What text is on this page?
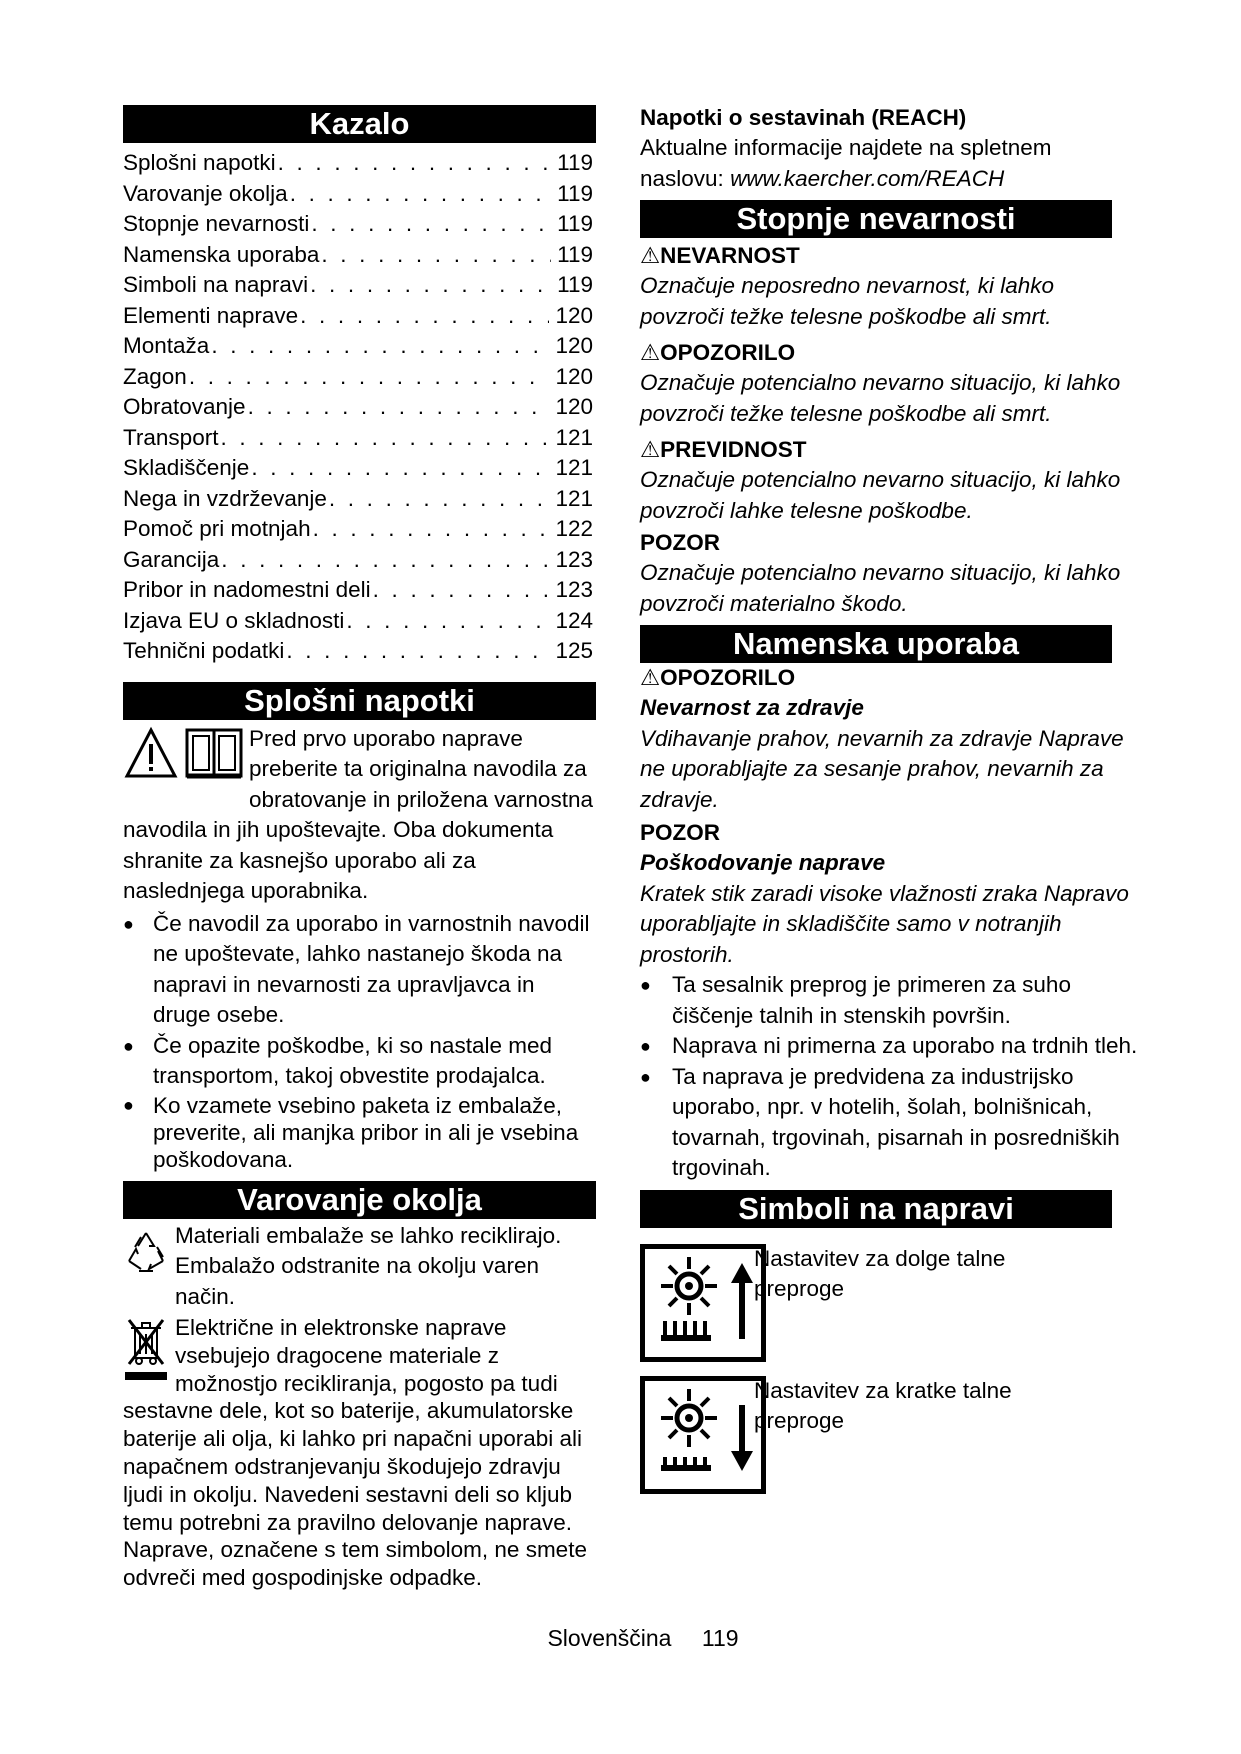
Kazalo
Splošni napotki . . .	119
Varovanje okolja . . .	119
Stopnje nevarnosti . . .	119
Namenska uporaba . . .	119
Simboli na napravi . . .	119
Elementi naprave . . .	120
Montaža . . .	120
Zagon . . .	120
Obratovanje . . .	120
Transport . . .	121
Skladiščenje . . .	121
Nega in vzdrževanje . . .	121
Pomoč pri motnjah . . .	122
Garancija . . .	123
Pribor in nadomestni deli . . .	123
Izjava EU o skladnosti . . .	124
Tehnični podatki . . .	125
Splošni napotki
Pred prvo uporabo naprave preberite ta originalna navodila za obratovanje in priložena varnostna navodila in jih upoštevajte. Oba dokumenta shranite za kasnejšo uporabo ali za naslednjega uporabnika.
● Če navodil za uporabo in varnostnih navodil ne upoštevate, lahko nastanejo škoda na napravi in nevarnosti za upravljavca in druge osebe.
● Če opazite poškodbe, ki so nastale med transportom, takoj obvestite prodajalca.
● Ko vzamete vsebino paketa iz embalaže, preverite, ali manjka pribor in ali je vsebina poškodovana.
Varovanje okolja
Materiali embalaže se lahko reciklirajo. Embalažo odstranite na okolju varen način.
Električne in elektronske naprave vsebujejo dragocene materiale z možnostjo recikliranja, pogosto pa tudi sestavne dele, kot so baterije, akumulatorske baterije ali olja, ki lahko pri napačni uporabi ali napačnem odstranjevanju škodujejo zdravju ljudi in okolju. Navedeni sestavni deli so kljub temu potrebni za pravilno delovanje naprave. Naprave, označene s tem simbolom, ne smete odvreči med gospodinjske odpadke.
Napotki o sestavinah (REACH)
Aktualne informacije najdete na spletnem naslovu: www.kaercher.com/REACH
Stopnje nevarnosti
⚠NEVARNOST
Označuje neposredno nevarnost, ki lahko povzroči težke telesne poškodbe ali smrt.
⚠OPOZORILO
Označuje potencialno nevarno situacijo, ki lahko povzroči težke telesne poškodbe ali smrt.
⚠PREVIDNOST
Označuje potencialno nevarno situacijo, ki lahko povzroči lahke telesne poškodbe.
POZOR
Označuje potencialno nevarno situacijo, ki lahko povzroči materialno škodo.
Namenska uporaba
⚠OPOZORILO
Nevarnost za zdravje
Vdihavanje prahov, nevarnih za zdravje Naprave ne uporabljajte za sesanje prahov, nevarnih za zdravje.
POZOR
Poškodovanje naprave
Kratek stik zaradi visoke vlažnosti zraka Napravo uporabljajte in skladiščite samo v notranjih prostorih.
● Ta sesalnik preprog je primeren za suho čiščenje talnih in stenskih površin.
● Naprava ni primerna za uporabo na trdnih tleh.
● Ta naprava je predvidena za industrijsko uporabo, npr. v hotelih, šolah, bolnišnicah, tovarnah, trgovinah, pisarnah in posredniških trgovinah.
Simboli na napravi
Nastavitev za dolge talne preproge
Nastavitev za kratke talne preproge
Slovenščina 119
